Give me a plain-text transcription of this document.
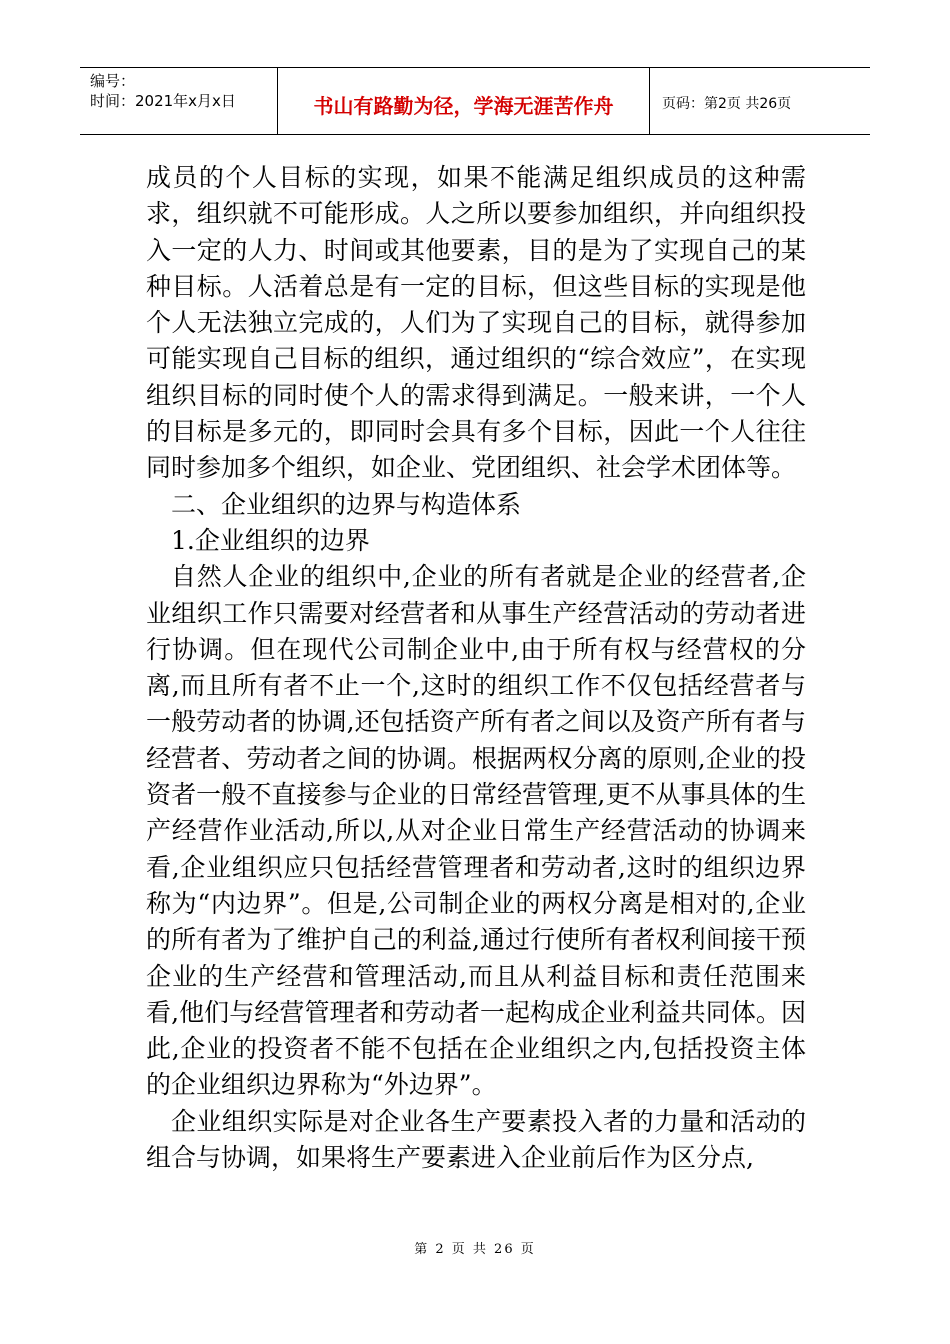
编号：
时间：2021年x月x日	书山有路勤为径，学海无涯苦作舟	页码：第2页 共26页

成员的个人目标的实现，如果不能满足组织成员的这种需求，组织就不可能形成。人之所以要参加组织，并向组织投入一定的人力、时间或其他要素，目的是为了实现自己的某种目标。人活着总是有一定的目标，但这些目标的实现是他个人无法独立完成的，人们为了实现自己的目标，就得参加可能实现自己目标的组织，通过组织的“综合效应”，在实现组织目标的同时使个人的需求得到满足。一般来讲，一个人的目标是多元的，即同时会具有多个目标，因此一个人往往同时参加多个组织，如企业、党团组织、社会学术团体等。

二、企业组织的边界与构造体系

1.企业组织的边界

自然人企业的组织中,企业的所有者就是企业的经营者,企业组织工作只需要对经营者和从事生产经营活动的劳动者进行协调。但在现代公司制企业中,由于所有权与经营权的分离,而且所有者不止一个,这时的组织工作不仅包括经营者与一般劳动者的协调,还包括资产所有者之间以及资产所有者与经营者、劳动者之间的协调。根据两权分离的原则,企业的投资者一般不直接参与企业的日常经营管理,更不从事具体的生产经营作业活动,所以,从对企业日常生产经营活动的协调来看,企业组织应只包括经营管理者和劳动者,这时的组织边界称为“内边界”。但是,公司制企业的两权分离是相对的,企业的所有者为了维护自己的利益,通过行使所有者权利间接干预企业的生产经营和管理活动,而且从利益目标和责任范围来看,他们与经营管理者和劳动者一起构成企业利益共同体。因此,企业的投资者不能不包括在企业组织之内,包括投资主体的企业组织边界称为“外边界”。

企业组织实际是对企业各生产要素投入者的力量和活动的组合与协调，如果将生产要素进入企业前后作为区分点,

第 2 页 共 26 页
